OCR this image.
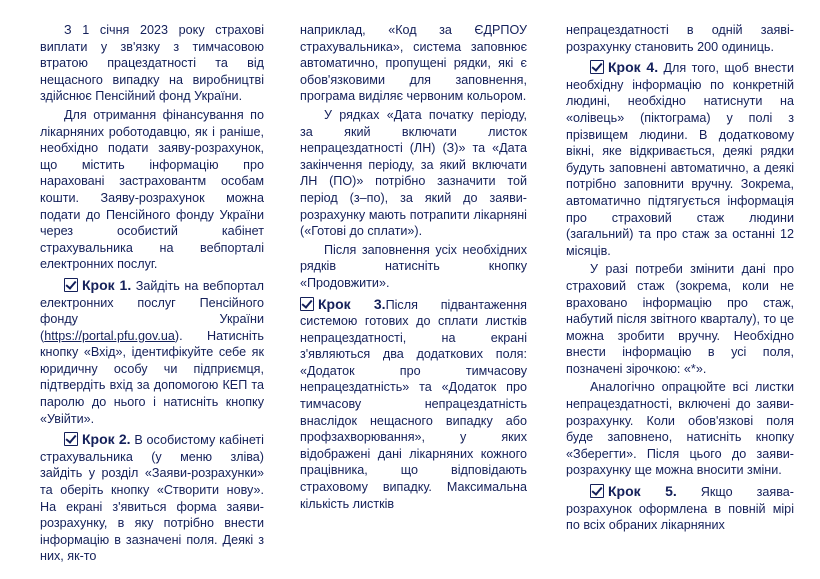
З 1 січня 2023 року страхові виплати у зв'язку з тимчасовою втратою працездатності та від нещасного випадку на виробництві здійснює Пенсійний фонд України.

Для отримання фінансування по лікарняних роботодавцю, як і раніше, необхідно подати заяву-розрахунок, що містить інформацію про нараховані застраховантм особам кошти. Заяву-розрахунок можна подати до Пенсійного фонду України через особистий кабінет страхувальника на вебпорталі електронних послуг.

Крок 1. Зайдіть на вебпортал електронних послуг Пенсійного фонду України (https://portal.pfu.gov.ua). Натисніть кнопку «Вхід», ідентифікуйте себе як юридичну особу чи підприємця, підтвердіть вхід за допомогою КЕП та паролю до нього і натисніть кнопку «Увійти».

Крок 2. В особистому кабінеті страхувальника (у меню зліва) зайдіть у розділ «Заяви-розрахунки» та оберіть кнопку «Створити нову». На екрані з'явиться форма заяви-розрахунку, в яку потрібно внести інформацію в зазначені поля. Деякі з них, як-то

наприклад, «Код за ЄДРПОУ страхувальника», система заповнює автоматично, пропущені рядки, які є обов'язковими для заповнення, програма виділяє червоним кольором.

У рядках «Дата початку періоду, за який включати листок непрацездатності (ЛН) (З)» та «Дата закінчення періоду, за який включати ЛН (ПО)» потрібно зазначити той період (з–по), за який до заяви-розрахунку мають потрапити лікарняні («Готові до сплати»).

Після заповнення усіх необхідних рядків натисніть кнопку «Продовжити».

Крок 3.Після підвантаження системою готових до сплати листків непрацездатності, на екрані з'являються два додаткових поля: «Додаток про тимчасову непрацездатність» та «Додаток про тимчасову непрацездатність внаслідок нещасного випадку або профзахворювання», у яких відображені дані лікарняних кожного працівника, що відповідають страховому випадку. Максимальна кількість листків

непрацездатності в одній заяві-розрахунку становить 200 одиниць.

Крок 4. Для того, щоб внести необхідну інформацію по конкретній людині, необхідно натиснути на «олівець» (піктограма) у полі з прізвищем людини. В додатковому вікні, яке відкривається, деякі рядки будуть заповнені автоматично, а деякі потрібно заповнити вручну. Зокрема, автоматично підтягується інформація про страховий стаж людини (загальний) та про стаж за останні 12 місяців.

У разі потреби змінити дані про страховий стаж (зокрема, коли не враховано інформацію про стаж, набутий після звітного кварталу), то це можна зробити вручну. Необхідно внести інформацію в усі поля, позначені зірочкою: «*».

Аналогічно опрацюйте всі листки непрацездатності, включені до заяви-розрахунку. Коли обов'язкові поля буде заповнено, натисніть кнопку «Зберегти». Після цього до заяви-розрахунку ще можна вносити зміни.

Крок 5. Якщо заява-розрахунок оформлена в повній мірі по всіх обраних лікарняних
